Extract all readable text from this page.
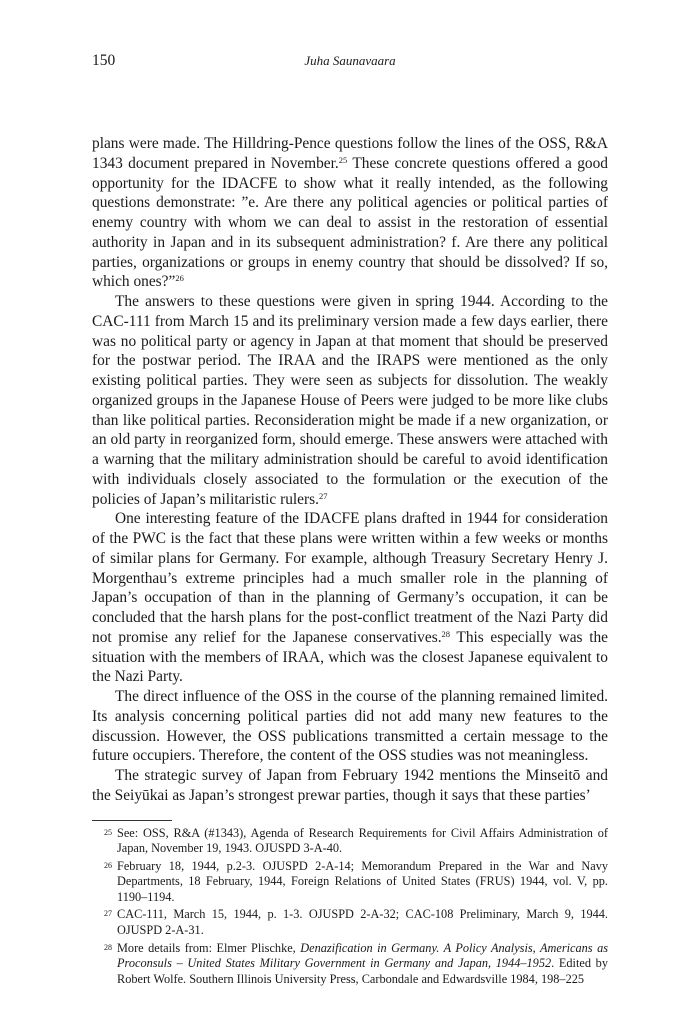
150	Juha Saunavaara

plans were made. The Hilldring-Pence questions follow the lines of the OSS, R&A 1343 document prepared in November.$^{25}$ These concrete questions offered a good opportunity for the IDACFE to show what it really intended, as the following questions demonstrate: ”e. Are there any political agencies or political parties of enemy country with whom we can deal to assist in the restoration of essential authority in Japan and in its subsequent administration? f. Are there any political parties, organizations or groups in enemy country that should be dissolved? If so, which ones?”$^{26}$

The answers to these questions were given in spring 1944. According to the CAC-111 from March 15 and its preliminary version made a few days earlier, there was no political party or agency in Japan at that moment that should be preserved for the postwar period. The IRAA and the IRAPS were mentioned as the only existing political parties. They were seen as subjects for dissolution. The weakly organized groups in the Japanese House of Peers were judged to be more like clubs than like political parties. Reconsideration might be made if a new organization, or an old party in reorganized form, should emerge. These answers were attached with a warning that the military administration should be careful to avoid identification with individuals closely associated to the formulation or the execution of the policies of Japan’s militaristic rulers.$^{27}$

One interesting feature of the IDACFE plans drafted in 1944 for consideration of the PWC is the fact that these plans were written within a few weeks or months of similar plans for Germany. For example, although Treasury Secretary Henry J. Morgenthau’s extreme principles had a much smaller role in the planning of Japan’s occupation of than in the planning of Germany’s occupation, it can be concluded that the harsh plans for the post-conflict treatment of the Nazi Party did not promise any relief for the Japanese conservatives.$^{28}$ This especially was the situation with the members of IRAA, which was the closest Japanese equivalent to the Nazi Party.

The direct influence of the OSS in the course of the planning remained limited. Its analysis concerning political parties did not add many new features to the discussion. However, the OSS publications transmitted a certain message to the future occupiers. Therefore, the content of the OSS studies was not meaningless.

The strategic survey of Japan from February 1942 mentions the Minseitō and the Seiyūkai as Japan’s strongest prewar parties, though it says that these parties’

25 See: OSS, R&A (#1343), Agenda of Research Requirements for Civil Affairs Administration of Japan, November 19, 1943. OJUSPD 3-A-40.

26 February 18, 1944, p.2-3. OJUSPD 2-A-14; Memorandum Prepared in the War and Navy Departments, 18 February, 1944, Foreign Relations of United States (FRUS) 1944, vol. V, pp. 1190–1194.

27 CAC-111, March 15, 1944, p. 1-3. OJUSPD 2-A-32; CAC-108 Preliminary, March 9, 1944. OJUSPD 2-A-31.

28 More details from: Elmer Plischke, Denazification in Germany. A Policy Analysis, Americans as Proconsuls – United States Military Government in Germany and Japan, 1944–1952. Edited by Robert Wolfe. Southern Illinois University Press, Carbondale and Edwardsville 1984, 198–225
